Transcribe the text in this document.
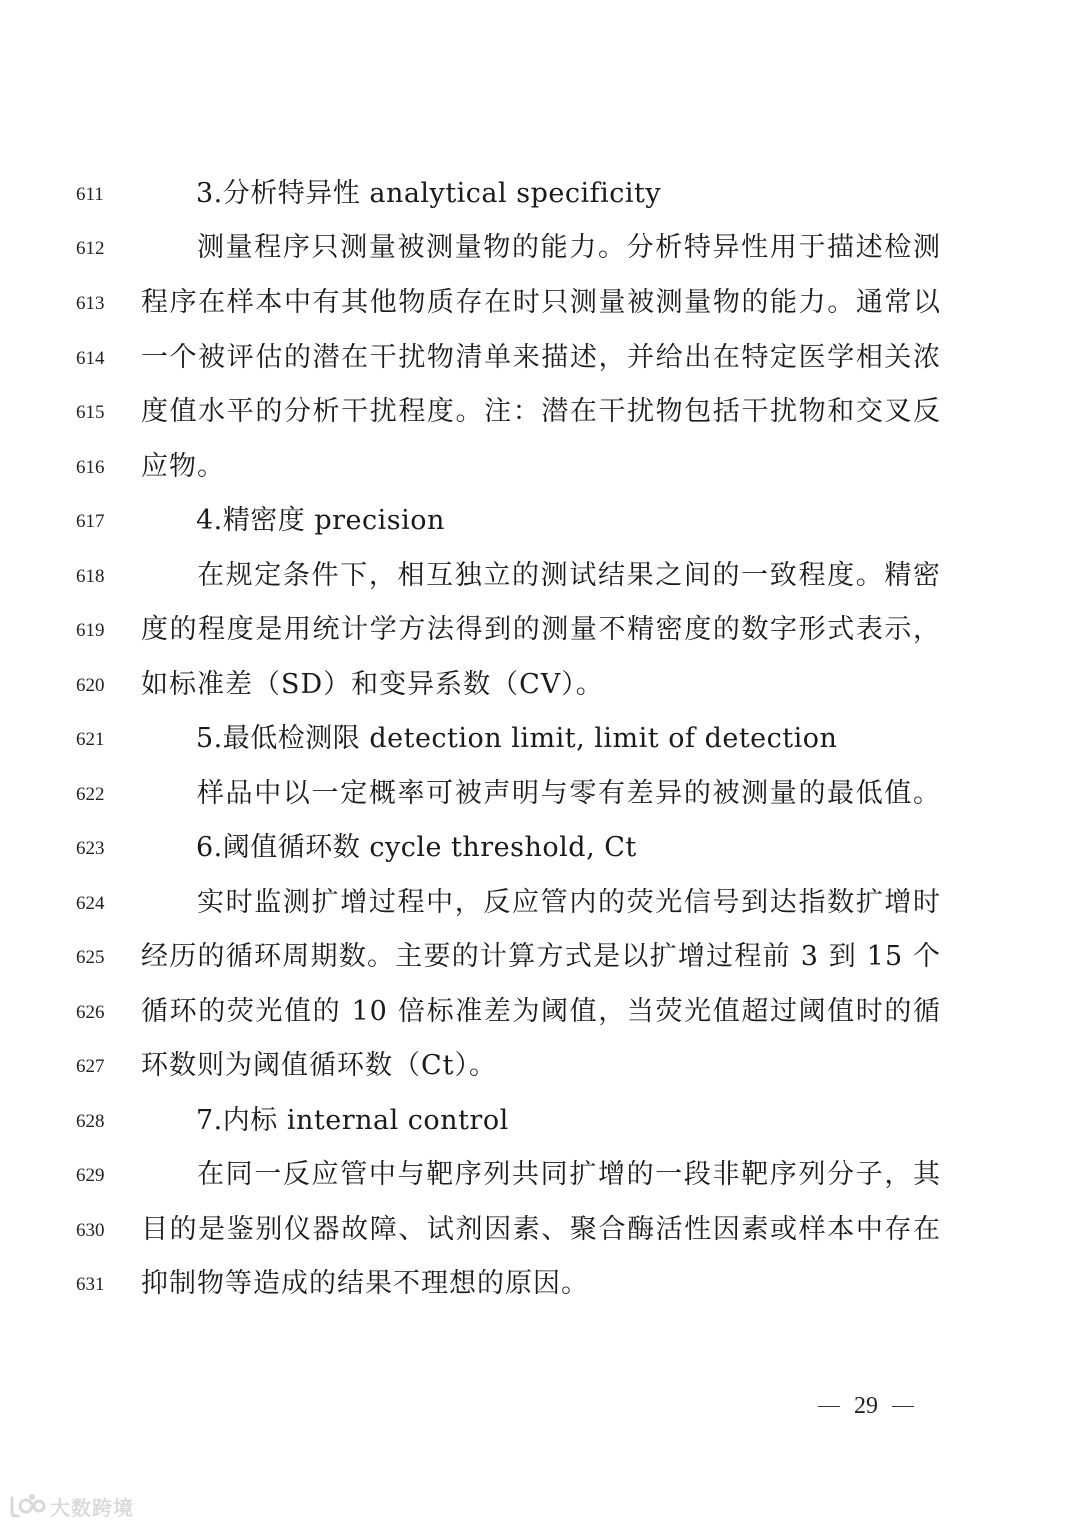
611	3.分析特异性 analytical specificity
612	测量程序只测量被测量物的能力。分析特异性用于描述检测
613 程序在样本中有其他物质存在时只测量被测量物的能力。通常以
614 一个被评估的潜在干扰物清单来描述，并给出在特定医学相关浓
615 度值水平的分析干扰程度。注：潜在干扰物包括干扰物和交叉反
616 应物。
617	4.精密度 precision
618	在规定条件下，相互独立的测试结果之间的一致程度。精密
619 度的程度是用统计学方法得到的测量不精密度的数字形式表示，
620 如标准差（SD）和变异系数（CV）。
621	5.最低检测限 detection limit, limit of detection
622	样品中以一定概率可被声明与零有差异的被测量的最低值。
623	6.阈值循环数 cycle threshold, Ct
624	实时监测扩增过程中，反应管内的荧光信号到达指数扩增时
625 经历的循环周期数。主要的计算方式是以扩增过程前 3 到 15 个
626 循环的荧光值的 10 倍标准差为阈值，当荧光值超过阈值时的循
627 环数则为阈值循环数（Ct）。
628	7.内标 internal control
629	在同一反应管中与靶序列共同扩增的一段非靶序列分子，其
630 目的是鉴别仪器故障、试剂因素、聚合酶活性因素或样本中存在
631 抑制物等造成的结果不理想的原因。
29
大数跨境
